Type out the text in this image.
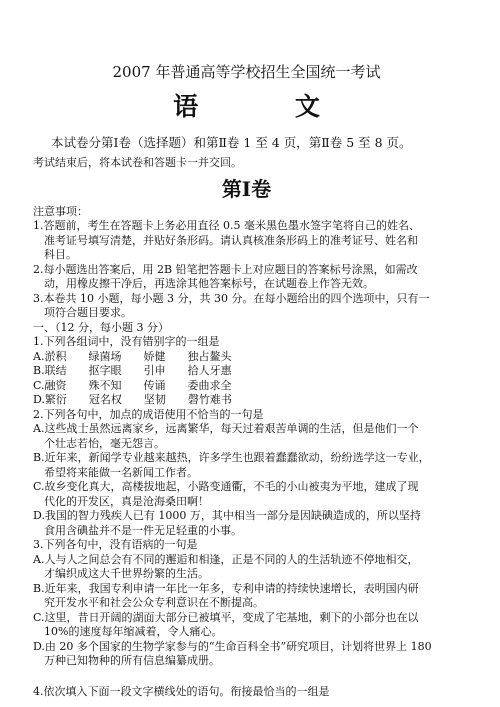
2007 年普通高等学校招生全国统一考试
语 文

本试卷分第Ⅰ卷（选择题）和第Ⅱ卷 1 至 4 页，第Ⅱ卷 5 至 8 页。

考试结束后，将本试卷和答题卡一并交回。

第Ⅰ卷

注意事项：

1.答题前，考生在答题卡上务必用直径 0.5 毫米黑色墨水签字笔将自己的姓名、

准考证号填写清楚，并贴好条形码。请认真核准条形码上的准考证号、姓名和

科目。

2.每小题选出答案后，用 2B 铅笔把答题卡上对应题目的答案标号涂黑，如需改

动，用橡皮擦干净后，再选涂其他答案标号，在试题卷上作答无效。

3.本卷共 10 小题，每小题 3 分，共 30 分。在每小题给出的四个选项中，只有一

项符合题目要求。

一、（12 分，每小题 3 分）

1.下列各组词中，没有错别字的一组是

A.淤积　　绿菌场　　娇健　　独占鳌头

B.联结　　抠字眼　　引申　　拾人牙惠

C.融资　　殊不知　　传诵　　委曲求全

D.繁衍　　冠名权　　坚韧　　磬竹难书

2.下列各句中，加点的成语使用不恰当的一句是

A.这些战士虽然远离家乡，远离繁华，每天过着艰苦单调的生活，但是他们一个

个壮志若怡，毫无怨言。

B.近年来，新闻学专业越来越热，许多学生也跟着蠢蠢欲动，纷纷选学这一专业，

希望将来能做一名新闻工作者。

C.故乡变化真大，高楼拔地起，小路变通衢，不毛的小山被夷为平地，建成了现

代化的开发区，真是沧海桑田啊！

D.我国的智力残疾人已有 1000 万，其中相当一部分是因缺碘造成的，所以坚持

食用含碘盐并不是一件无足轻重的小事。

3.下列各句中，没有语病的一句是

A.人与人之间总会有不同的邂逅和相逢，正是不同的人的生活轨迹不停地相交，

才编织成这大千世界纷繁的生活。

B.近年来，我国专利申请一年比一年多，专利申请的持续快速增长，表明国内研

究开发水平和社会公众专利意识在不断提高。

C.这里，昔日开阔的湖面大部分已被填平，变成了宅基地，剩下的小部分也在以

10%的速度每年缩减着，令人痛心。

D.由 20 多个国家的生物学家参与的“生命百科全书”研究项目，计划将世界上 180

万种已知物种的所有信息编纂成册。

4.依次填入下面一段文字横线处的语句。衔接最恰当的一组是
